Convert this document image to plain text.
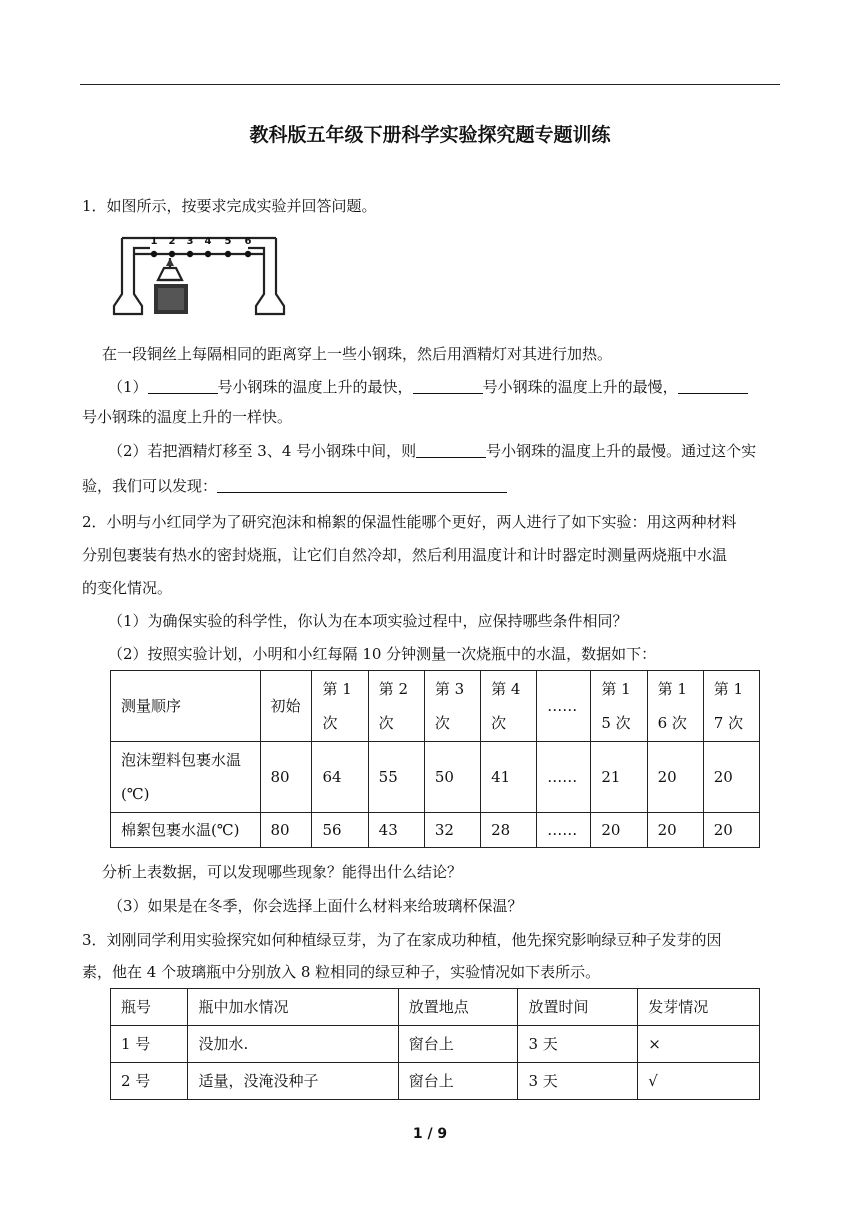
教科版五年级下册科学实验探究题专题训练
1．如图所示，按要求完成实验并回答问题。
1 2 3 4 5 6
在一段铜丝上每隔相同的距离穿上一些小钢珠，然后用酒精灯对其进行加热。
（1）	号小钢珠的温度上升的最快，	号小钢珠的温度上升的最慢，
号小钢珠的温度上升的一样快。
（2）若把酒精灯移至 3、4 号小钢珠中间，则	号小钢珠的温度上升的最慢。通过这个实
验，我们可以发现：
2．小明与小红同学为了研究泡沫和棉絮的保温性能哪个更好，两人进行了如下实验：用这两种材料
分别包裹装有热水的密封烧瓶，让它们自然冷却，然后利用温度计和计时器定时测量两烧瓶中水温
的变化情况。
（1）为确保实验的科学性，你认为在本项实验过程中，应保持哪些条件相同？
（2）按照实验计划，小明和小红每隔 10 分钟测量一次烧瓶中的水温，数据如下：
测量顺序	初始	第 1 次	第 2 次	第 3 次	第 4 次	……	第 15 次	第 16 次	第 17 次
泡沫塑料包裹水温(℃)	80	64	55	50	41	……	21	20	20
棉絮包裹水温(℃)	80	56	43	32	28	……	20	20	20
分析上表数据，可以发现哪些现象？能得出什么结论？
（3）如果是在冬季，你会选择上面什么材料来给玻璃杯保温？
3．刘刚同学利用实验探究如何种植绿豆芽，为了在家成功种植，他先探究影响绿豆种子发芽的因
素，他在 4 个玻璃瓶中分别放入 8 粒相同的绿豆种子，实验情况如下表所示。
瓶号	瓶中加水情况	放置地点	放置时间	发芽情况
1 号	没加水.	窗台上	3 天	×
2 号	适量，没淹没种子	窗台上	3 天	√
1 / 9
